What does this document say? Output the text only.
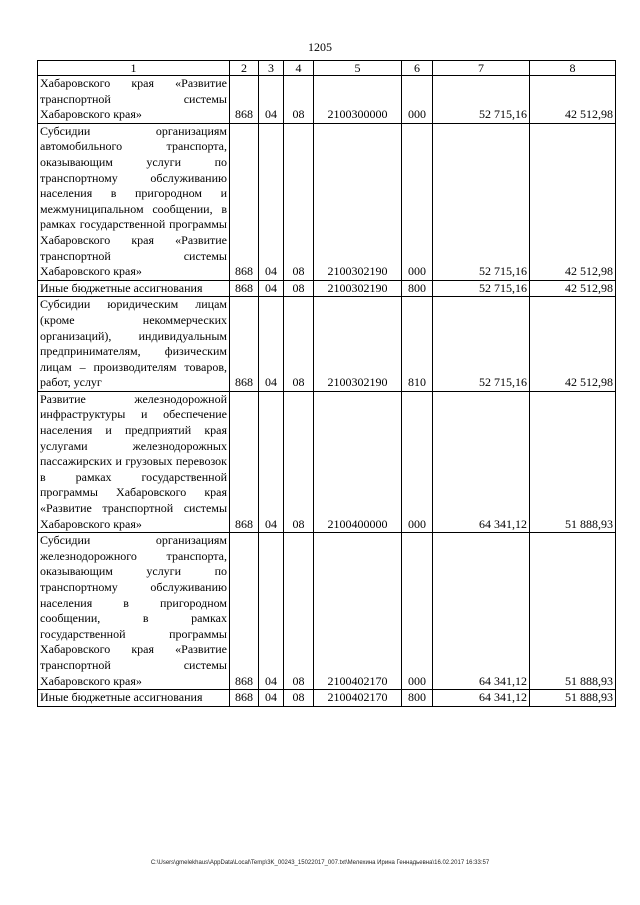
1205
1	2	3	4	5	6	7	8
Хабаровского края «Развитие транспортной системы Хабаровского края»	868	04	08	2100300000	000	52 715,16	42 512,98
Субсидии организациям автомобильного транспорта, оказывающим услуги по транспортному обслуживанию населения в пригородном и межмуниципальном сообщении, в рамках государственной программы Хабаровского края «Развитие транспортной системы Хабаровского края»	868	04	08	2100302190	000	52 715,16	42 512,98
Иные бюджетные ассигнования	868	04	08	2100302190	800	52 715,16	42 512,98
Субсидии юридическим лицам (кроме некоммерческих организаций), индивидуальным предпринимателям, физическим лицам – производителям товаров, работ, услуг	868	04	08	2100302190	810	52 715,16	42 512,98
Развитие железнодорожной инфраструктуры и обеспечение населения и предприятий края услугами железнодорожных пассажирских и грузовых перевозок в рамках государственной программы Хабаровского края «Развитие транспортной системы Хабаровского края»	868	04	08	2100400000	000	64 341,12	51 888,93
Субсидии организациям железнодорожного транспорта, оказывающим услуги по транспортному обслуживанию населения в пригородном сообщении, в рамках государственной программы Хабаровского края «Развитие транспортной системы Хабаровского края»	868	04	08	2100402170	000	64 341,12	51 888,93
Иные бюджетные ассигнования	868	04	08	2100402170	800	64 341,12	51 888,93
C:\Users\gmelekhaus\AppData\Local\Temp\3K_00243_15022017_007.txt\Мелехина Ирина Геннадьевна\16.02.2017 16:33:57
